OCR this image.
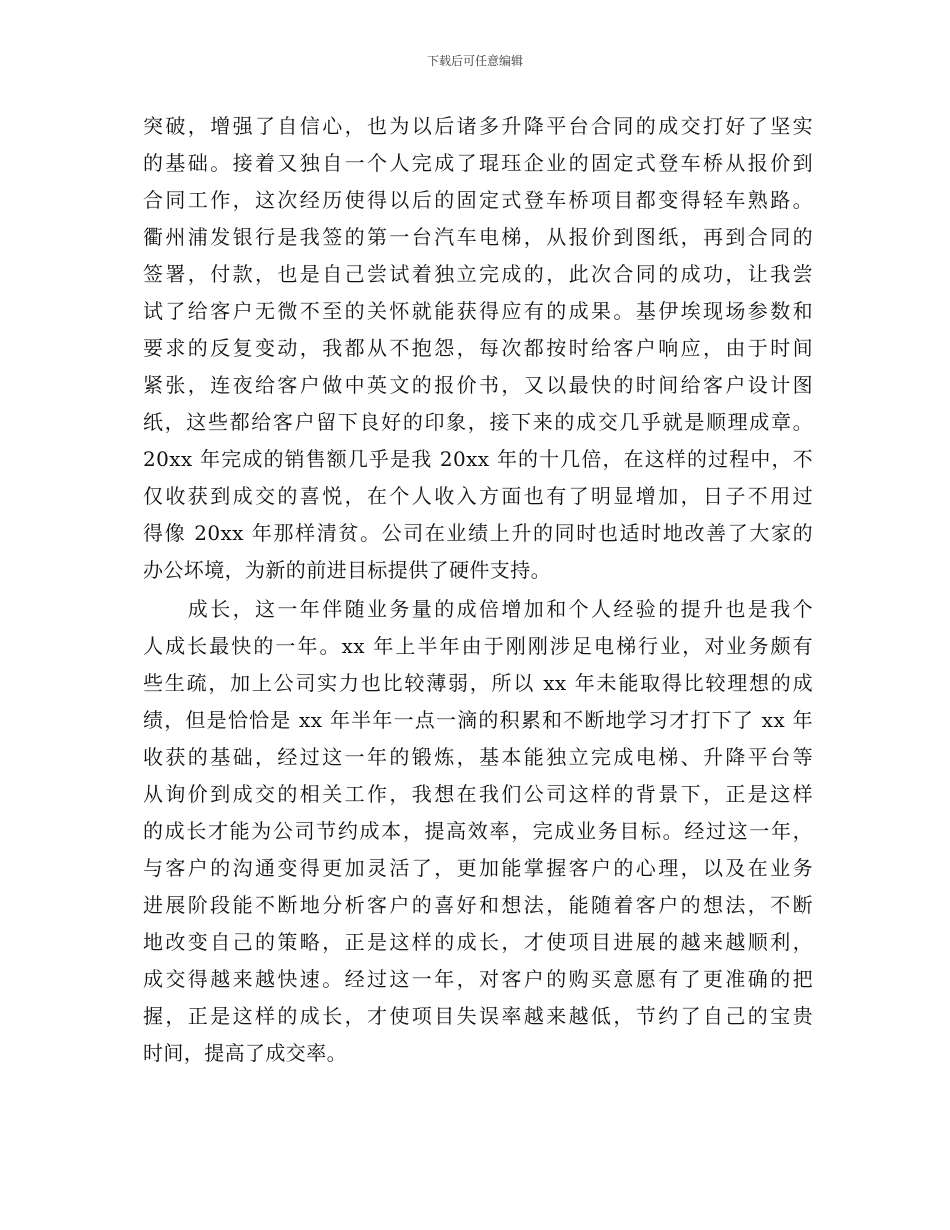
下载后可任意编辑
突破，增强了自信心，也为以后诸多升降平台合同的成交打好了坚实
的基础。接着又独自一个人完成了琨珏企业的固定式登车桥从报价到
合同工作，这次经历使得以后的固定式登车桥项目都变得轻车熟路。
衢州浦发银行是我签的第一台汽车电梯，从报价到图纸，再到合同的
签署，付款，也是自己尝试着独立完成的，此次合同的成功，让我尝
试了给客户无微不至的关怀就能获得应有的成果。基伊埃现场参数和
要求的反复变动，我都从不抱怨，每次都按时给客户响应，由于时间
紧张，连夜给客户做中英文的报价书，又以最快的时间给客户设计图
纸，这些都给客户留下良好的印象，接下来的成交几乎就是顺理成章。
20xx 年完成的销售额几乎是我 20xx 年的十几倍，在这样的过程中，不
仅收获到成交的喜悦，在个人收入方面也有了明显增加，日子不用过
得像 20xx 年那样清贫。公司在业绩上升的同时也适时地改善了大家的
办公坏境，为新的前进目标提供了硬件支持。
　　成长，这一年伴随业务量的成倍增加和个人经验的提升也是我个
人成长最快的一年。xx 年上半年由于刚刚涉足电梯行业，对业务颇有
些生疏，加上公司实力也比较薄弱，所以 xx 年未能取得比较理想的成
绩，但是恰恰是 xx 年半年一点一滴的积累和不断地学习才打下了 xx 年
收获的基础，经过这一年的锻炼，基本能独立完成电梯、升降平台等
从询价到成交的相关工作，我想在我们公司这样的背景下，正是这样
的成长才能为公司节约成本，提高效率，完成业务目标。经过这一年，
与客户的沟通变得更加灵活了，更加能掌握客户的心理，以及在业务
进展阶段能不断地分析客户的喜好和想法，能随着客户的想法，不断
地改变自己的策略，正是这样的成长，才使项目进展的越来越顺利，
成交得越来越快速。经过这一年，对客户的购买意愿有了更准确的把
握，正是这样的成长，才使项目失误率越来越低，节约了自己的宝贵
时间，提高了成交率。
